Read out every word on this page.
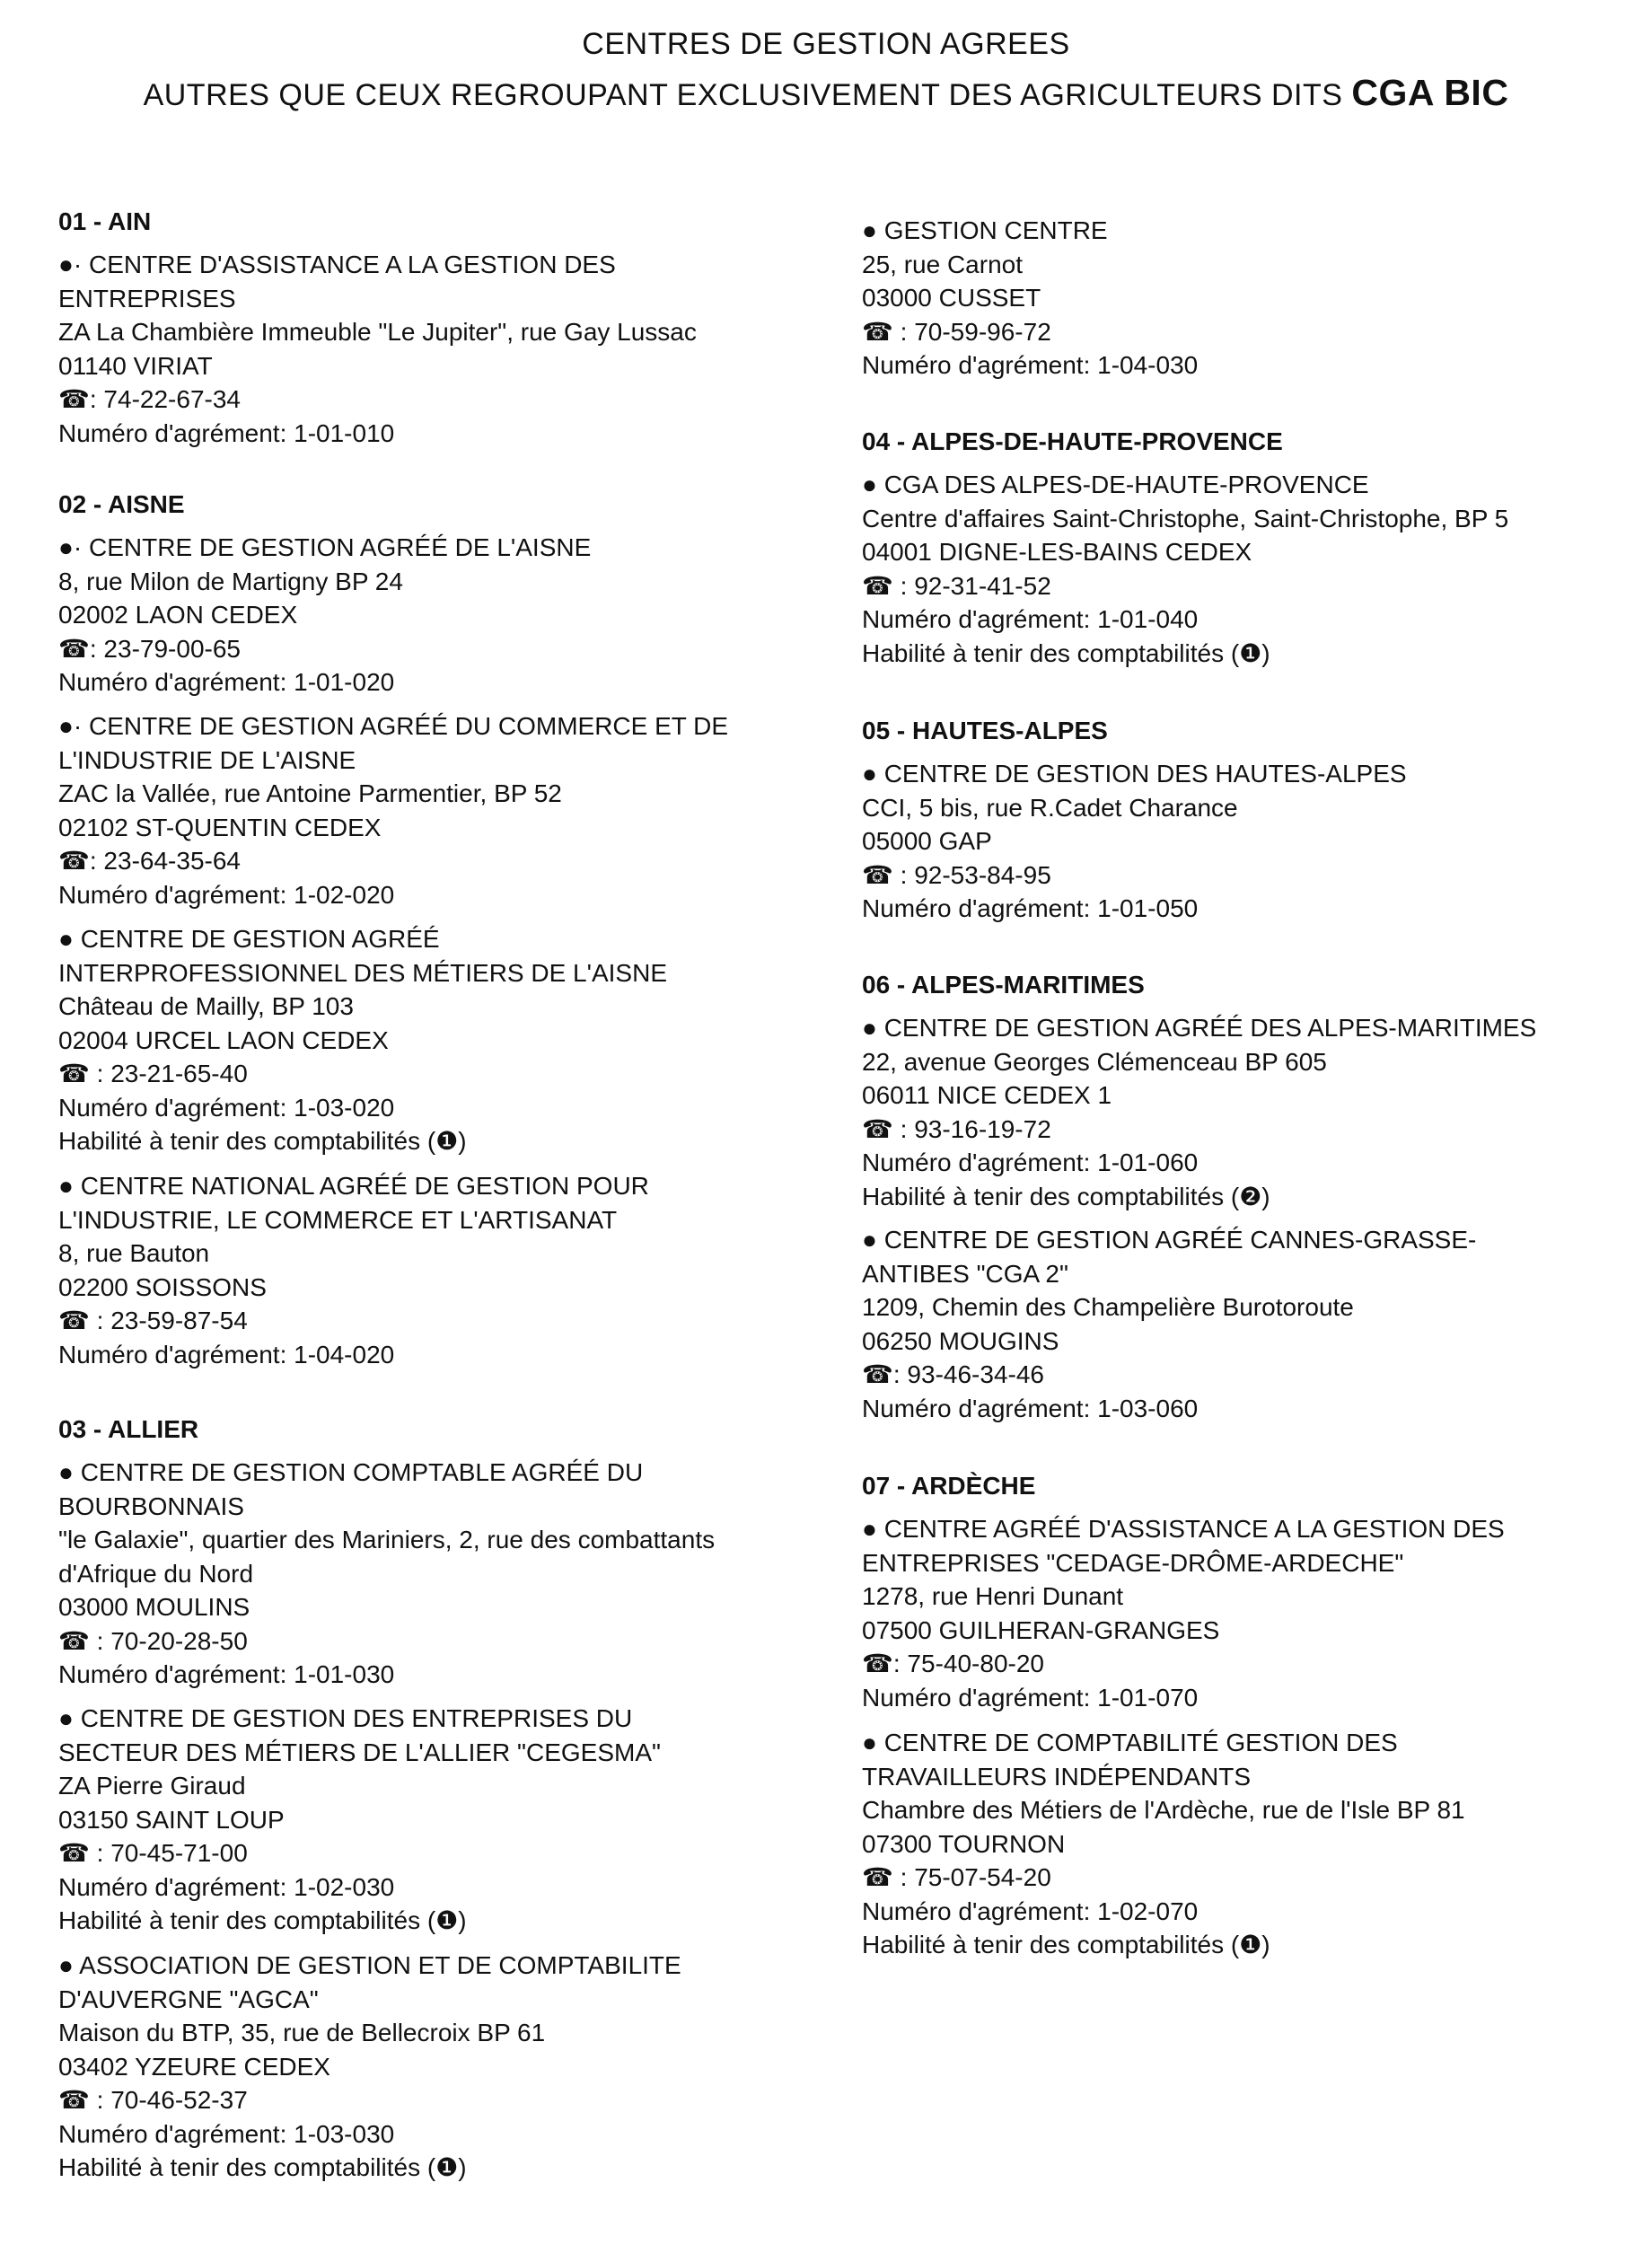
CENTRES DE GESTION AGREES
AUTRES QUE CEUX REGROUPANT EXCLUSIVEMENT DES AGRICULTEURS DITS CGA BIC
01 - AIN
●· CENTRE D'ASSISTANCE A LA GESTION DES
ENTREPRISES
ZA La Chambière Immeuble "Le Jupiter", rue Gay Lussac
01140 VIRIAT
☎: 74-22-67-34
Numéro d'agrément: 1-01-010
02 - AISNE
●· CENTRE DE GESTION AGRÉÉ DE L'AISNE
8, rue Milon de Martigny BP 24
02002 LAON CEDEX
☎: 23-79-00-65
Numéro d'agrément: 1-01-020
●· CENTRE DE GESTION AGRÉÉ DU COMMERCE ET DE
L'INDUSTRIE DE L'AISNE
ZAC la Vallée, rue Antoine Parmentier, BP 52
02102 ST-QUENTIN CEDEX
☎: 23-64-35-64
Numéro d'agrément: 1-02-020
● CENTRE DE GESTION AGRÉÉ
INTERPROFESSIONNEL DES MÉTIERS DE L'AISNE
Château de Mailly, BP 103
02004 URCEL LAON CEDEX
☎ : 23-21-65-40
Numéro d'agrément: 1-03-020
Habilité à tenir des comptabilités (❶)
● CENTRE NATIONAL AGRÉÉ DE GESTION POUR
L'INDUSTRIE, LE COMMERCE ET L'ARTISANAT
8, rue Bauton
02200 SOISSONS
☎ : 23-59-87-54
Numéro d'agrément: 1-04-020
03 - ALLIER
● CENTRE DE GESTION COMPTABLE AGRÉÉ DU
BOURBONNAIS
"le Galaxie", quartier des Mariniers, 2, rue des combattants
d'Afrique du Nord
03000 MOULINS
☎ : 70-20-28-50
Numéro d'agrément: 1-01-030
● CENTRE DE GESTION DES ENTREPRISES DU
SECTEUR DES MÉTIERS DE L'ALLIER "CEGESMA"
ZA Pierre Giraud
03150 SAINT LOUP
☎ : 70-45-71-00
Numéro d'agrément: 1-02-030
Habilité à tenir des comptabilités (❶)
● ASSOCIATION DE GESTION ET DE COMPTABILITE
D'AUVERGNE "AGCA"
Maison du BTP, 35, rue de Bellecroix BP 61
03402 YZEURE CEDEX
☎ : 70-46-52-37
Numéro d'agrément: 1-03-030
Habilité à tenir des comptabilités (❶)
● GESTION CENTRE
25, rue Carnot
03000 CUSSET
☎ : 70-59-96-72
Numéro d'agrément: 1-04-030
04 - ALPES-DE-HAUTE-PROVENCE
● CGA DES ALPES-DE-HAUTE-PROVENCE
Centre d'affaires Saint-Christophe, Saint-Christophe, BP 5
04001 DIGNE-LES-BAINS CEDEX
☎ : 92-31-41-52
Numéro d'agrément: 1-01-040
Habilité à tenir des comptabilités (❶)
05 - HAUTES-ALPES
● CENTRE DE GESTION DES HAUTES-ALPES
CCI, 5 bis, rue R.Cadet Charance
05000 GAP
☎ : 92-53-84-95
Numéro d'agrément: 1-01-050
06 - ALPES-MARITIMES
● CENTRE DE GESTION AGRÉÉ DES ALPES-MARITIMES
22, avenue Georges Clémenceau BP 605
06011 NICE CEDEX 1
☎ : 93-16-19-72
Numéro d'agrément: 1-01-060
Habilité à tenir des comptabilités (❷)
● CENTRE DE GESTION AGRÉÉ CANNES-GRASSE-
ANTIBES "CGA 2"
1209, Chemin des Champelière Burotoroute
06250 MOUGINS
☎: 93-46-34-46
Numéro d'agrément: 1-03-060
07 - ARDÈCHE
● CENTRE AGRÉÉ D'ASSISTANCE A LA GESTION DES
ENTREPRISES "CEDAGE-DRÔME-ARDECHE"
1278, rue Henri Dunant
07500 GUILHERAN-GRANGES
☎: 75-40-80-20
Numéro d'agrément: 1-01-070
● CENTRE DE COMPTABILITÉ GESTION DES
TRAVAILLEURS INDÉPENDANTS
Chambre des Métiers de l'Ardèche, rue de l'Isle BP 81
07300 TOURNON
☎ : 75-07-54-20
Numéro d'agrément: 1-02-070
Habilité à tenir des comptabilités (❶)
